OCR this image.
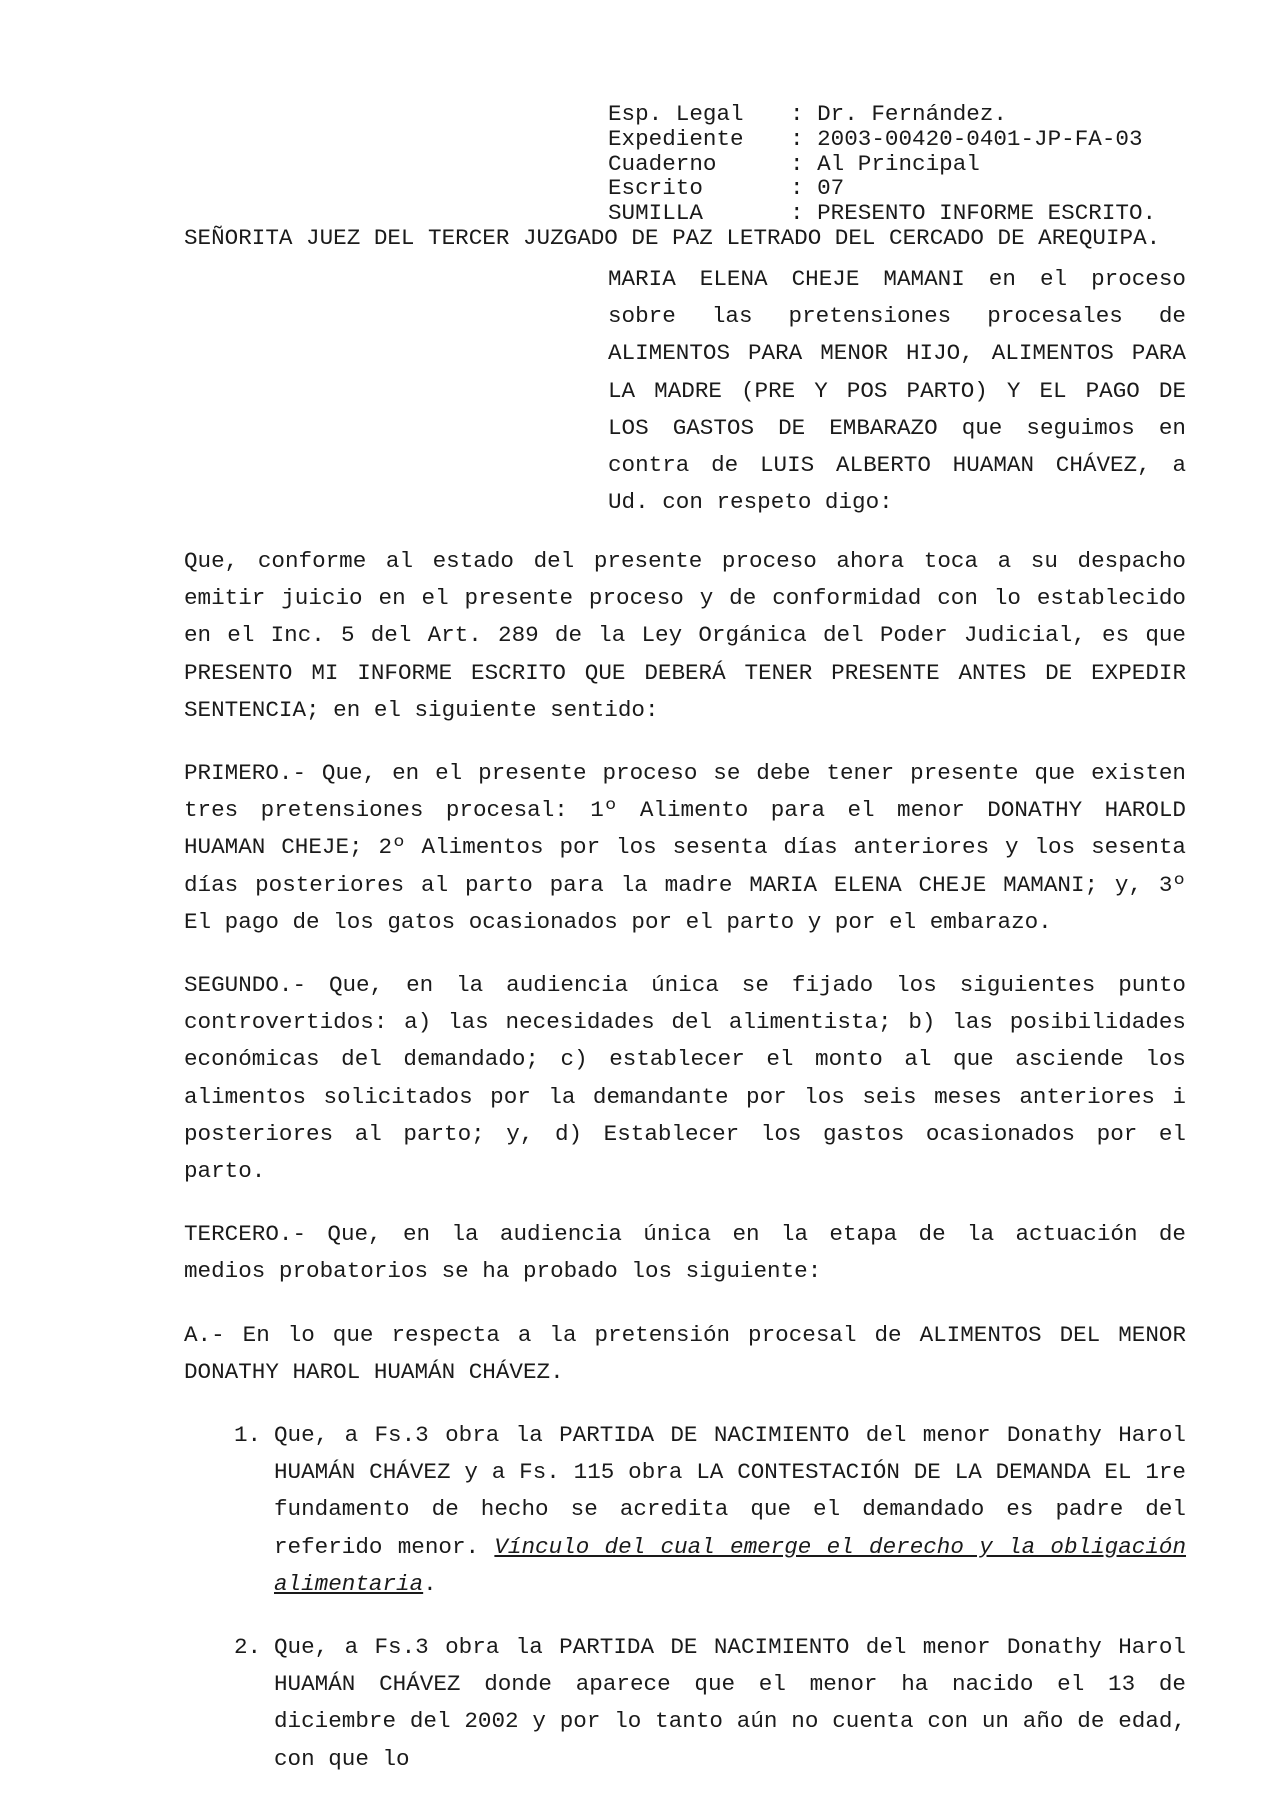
Esp. Legal	: Dr. Fernández.
Expediente	: 2003-00420-0401-JP-FA-03
Cuaderno	: Al Principal
Escrito	: 07
SUMILLA	: PRESENTO INFORME ESCRITO.
SEÑORITA JUEZ DEL TERCER JUZGADO DE PAZ LETRADO DEL CERCADO DE AREQUIPA.
MARIA ELENA CHEJE MAMANI en el proceso sobre las pretensiones procesales de ALIMENTOS PARA MENOR HIJO, ALIMENTOS PARA LA MADRE (PRE Y POS PARTO) Y EL PAGO DE LOS GASTOS DE EMBARAZO que seguimos en contra de LUIS ALBERTO HUAMAN CHÁVEZ, a Ud. con respeto digo:

Que, conforme al estado del presente proceso ahora toca a su despacho emitir juicio en el presente proceso y de conformidad con lo establecido en el Inc. 5 del Art. 289 de la Ley Orgánica del Poder Judicial, es que PRESENTO MI INFORME ESCRITO QUE DEBERÁ TENER PRESENTE ANTES DE EXPEDIR SENTENCIA; en el siguiente sentido:

PRIMERO.- Que, en el presente proceso se debe tener presente que existen tres pretensiones procesal: 1º Alimento para el menor DONATHY HAROLD HUAMAN CHEJE; 2º Alimentos por los sesenta días anteriores y los sesenta días posteriores al parto para la madre MARIA ELENA CHEJE MAMANI; y, 3º El pago de los gatos ocasionados por el parto y por el embarazo.

SEGUNDO.- Que, en la audiencia única se fijado los siguientes punto controvertidos: a) las necesidades del alimentista; b) las posibilidades económicas del demandado; c) establecer el monto al que asciende los alimentos solicitados por la demandante por los seis meses anteriores i posteriores al parto; y, d) Establecer los gastos ocasionados por el parto.

TERCERO.- Que, en la audiencia única en la etapa de la actuación de medios probatorios se ha probado los siguiente:

A.- En lo que respecta a la pretensión procesal de ALIMENTOS DEL MENOR DONATHY HAROL HUAMÁN CHÁVEZ.

1. Que, a Fs.3 obra la PARTIDA DE NACIMIENTO del menor Donathy Harol HUAMÁN CHÁVEZ y a Fs. 115 obra LA CONTESTACIÓN DE LA DEMANDA EL 1re fundamento de hecho se acredita que el demandado es padre del referido menor. Vínculo del cual emerge el derecho y la obligación alimentaria.
2. Que, a Fs.3 obra la PARTIDA DE NACIMIENTO del menor Donathy Harol HUAMÁN CHÁVEZ donde aparece que el menor ha nacido el 13 de diciembre del 2002 y por lo tanto aún no cuenta con un año de edad, con que lo
